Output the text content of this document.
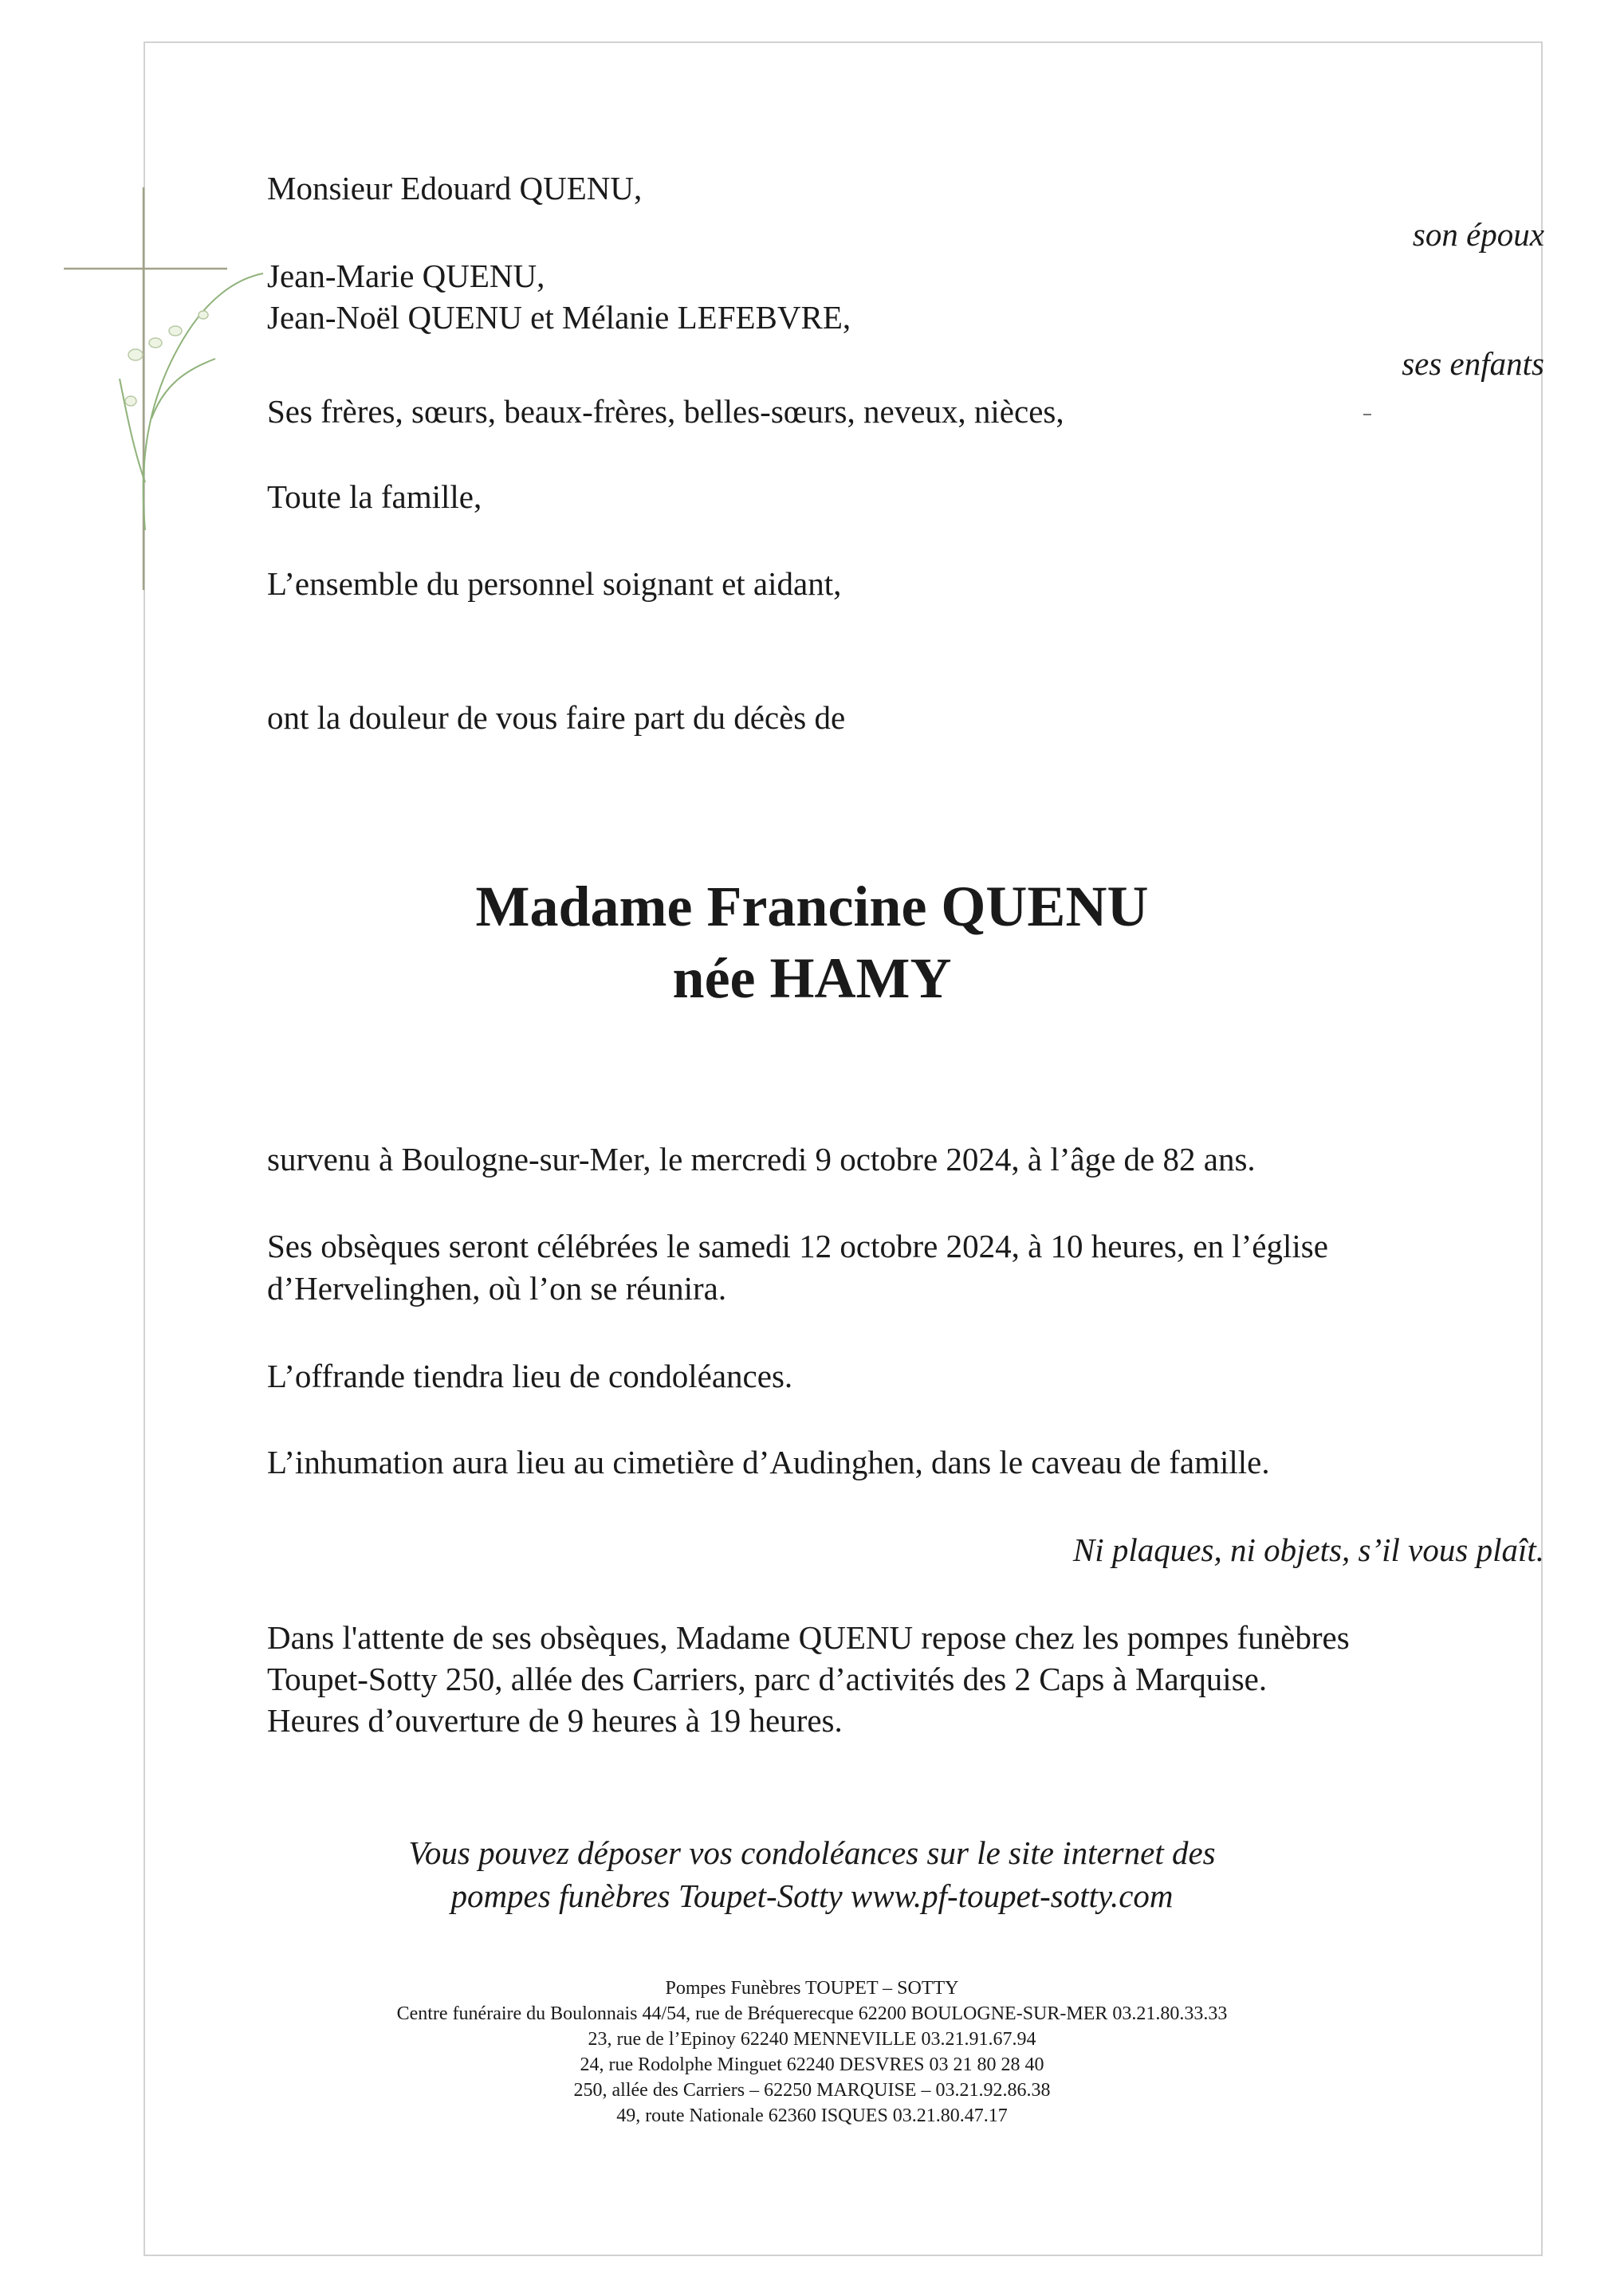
Monsieur Edouard QUENU,
son époux
Jean-Marie QUENU,
Jean-Noël QUENU et Mélanie LEFEBVRE,
ses enfants
Ses frères, sœurs, beaux-frères, belles-sœurs, neveux, nièces,
Toute la famille,
L’ensemble du personnel soignant et aidant,
ont la douleur de vous faire part du décès de
Madame Francine QUENU
née HAMY
survenu à Boulogne-sur-Mer, le mercredi 9 octobre 2024, à l’âge de 82 ans.
Ses obsèques seront célébrées le samedi 12 octobre 2024, à 10 heures, en l’église
d’Hervelinghen, où l’on se réunira.
L’offrande tiendra lieu de condoléances.
L’inhumation aura lieu au cimetière d’Audinghen, dans le caveau de famille.
Ni plaques, ni objets, s’il vous plaît.
Dans l'attente de ses obsèques, Madame QUENU repose chez les pompes funèbres
Toupet-Sotty 250, allée des Carriers, parc d’activités des 2 Caps à Marquise.
Heures d’ouverture de 9 heures à 19 heures.
Vous pouvez déposer vos condoléances sur le site internet des
pompes funèbres Toupet-Sotty www.pf-toupet-sotty.com
Pompes Funèbres TOUPET – SOTTY
Centre funéraire du Boulonnais 44/54, rue de Bréquerecque 62200 BOULOGNE-SUR-MER 03.21.80.33.33
23, rue de l’Epinoy 62240 MENNEVILLE 03.21.91.67.94
24, rue Rodolphe Minguet 62240 DESVRES 03 21 80 28 40
250, allée des Carriers – 62250 MARQUISE – 03.21.92.86.38
49, route Nationale 62360 ISQUES 03.21.80.47.17
